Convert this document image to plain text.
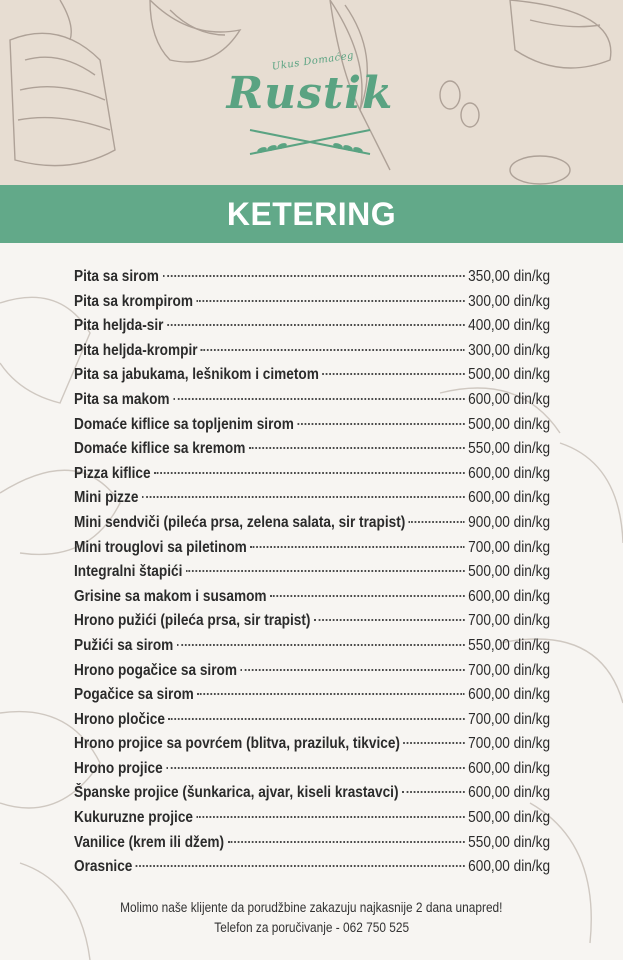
Ukus Domaćeg
Rustik
KETERING
Pita sa sirom	350,00 din/kg
Pita sa krompirom	300,00 din/kg
Pita heljda-sir	400,00 din/kg
Pita heljda-krompir	300,00 din/kg
Pita sa jabukama, lešnikom i cimetom	500,00 din/kg
Pita sa makom	600,00 din/kg
Domaće kiflice sa topljenim sirom	500,00 din/kg
Domaće kiflice sa kremom	550,00 din/kg
Pizza kiflice	600,00 din/kg
Mini pizze	600,00 din/kg
Mini sendviči (pileća prsa, zelena salata, sir trapist)	900,00 din/kg
Mini trouglovi sa piletinom	700,00 din/kg
Integralni štapići	500,00 din/kg
Grisine sa makom i susamom	600,00 din/kg
Hrono pužići (pileća prsa, sir trapist)	700,00 din/kg
Pužići sa sirom	550,00 din/kg
Hrono pogačice sa sirom	700,00 din/kg
Pogačice sa sirom	600,00 din/kg
Hrono pločice	700,00 din/kg
Hrono projice sa povrćem (blitva, praziluk, tikvice)	700,00 din/kg
Hrono projice	600,00 din/kg
Španske projice (šunkarica, ajvar, kiseli krastavci)	600,00 din/kg
Kukuruzne projice	500,00 din/kg
Vanilice (krem ili džem)	550,00 din/kg
Orasnice	600,00 din/kg
Molimo naše klijente da porudžbine zakazuju najkasnije 2 dana unapred!
Telefon za poručivanje - 062 750 525
